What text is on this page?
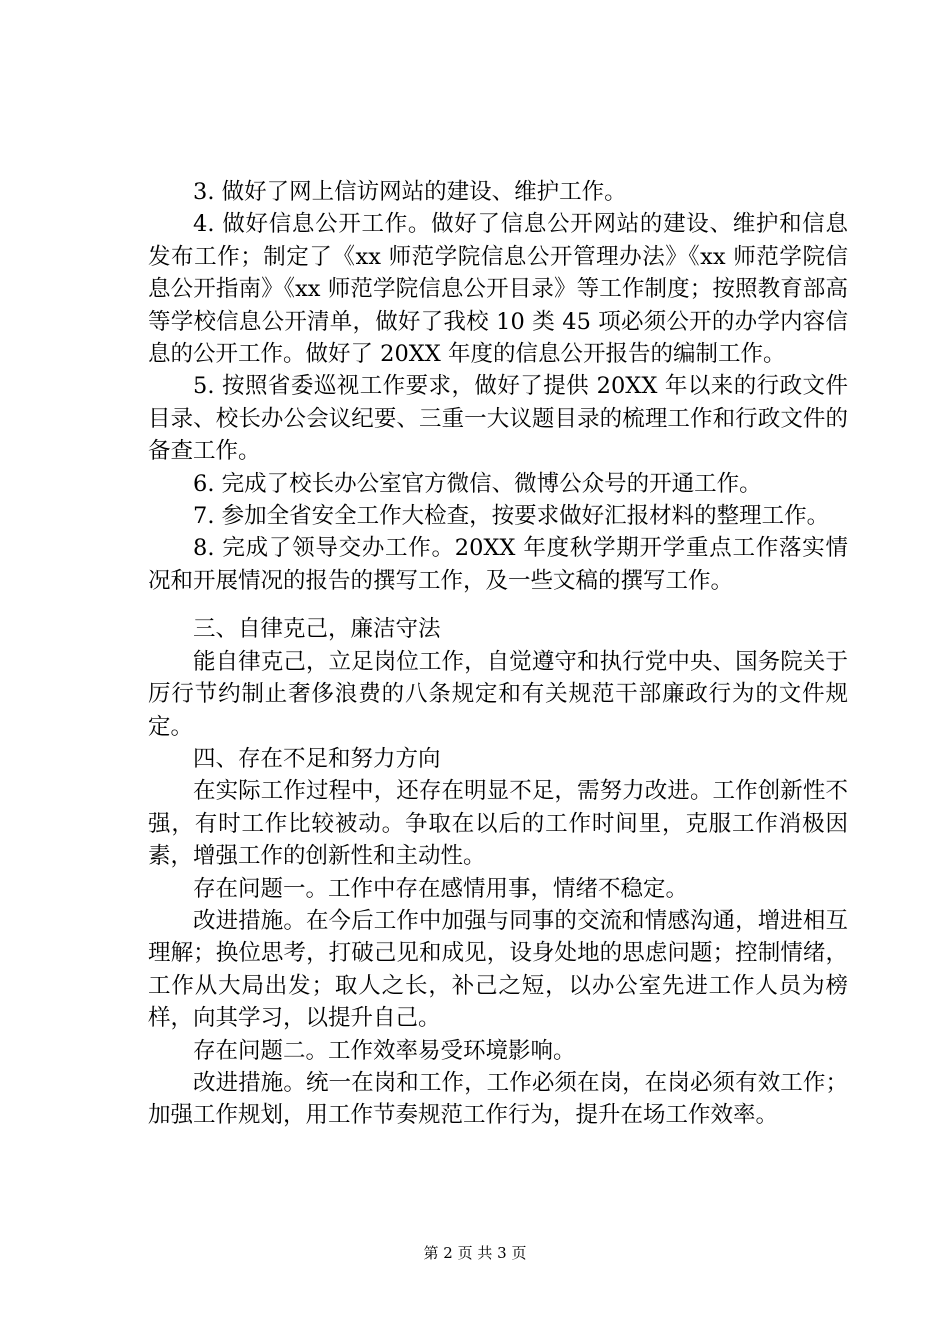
3. 做好了网上信访网站的建设、维护工作。

4. 做好信息公开工作。做好了信息公开网站的建设、维护和信息发布工作；制定了《xx 师范学院信息公开管理办法》《xx 师范学院信息公开指南》《xx 师范学院信息公开目录》等工作制度；按照教育部高等学校信息公开清单，做好了我校 10 类 45 项必须公开的办学内容信息的公开工作。做好了 20XX 年度的信息公开报告的编制工作。

5. 按照省委巡视工作要求，做好了提供 20XX 年以来的行政文件目录、校长办公会议纪要、三重一大议题目录的梳理工作和行政文件的备查工作。

6. 完成了校长办公室官方微信、微博公众号的开通工作。

7. 参加全省安全工作大检查，按要求做好汇报材料的整理工作。

8. 完成了领导交办工作。20XX 年度秋学期开学重点工作落实情况和开展情况的报告的撰写工作，及一些文稿的撰写工作。

三、自律克己，廉洁守法

能自律克己，立足岗位工作，自觉遵守和执行党中央、国务院关于厉行节约制止奢侈浪费的八条规定和有关规范干部廉政行为的文件规定。

四、存在不足和努力方向

在实际工作过程中，还存在明显不足，需努力改进。工作创新性不强，有时工作比较被动。争取在以后的工作时间里，克服工作消极因素，增强工作的创新性和主动性。

存在问题一。工作中存在感情用事，情绪不稳定。

改进措施。在今后工作中加强与同事的交流和情感沟通，增进相互理解；换位思考，打破己见和成见，设身处地的思虑问题；控制情绪，工作从大局出发；取人之长，补己之短，以办公室先进工作人员为榜样，向其学习，以提升自己。

存在问题二。工作效率易受环境影响。

改进措施。统一在岗和工作，工作必须在岗，在岗必须有效工作；加强工作规划，用工作节奏规范工作行为，提升在场工作效率。

第 2 页 共 3 页
